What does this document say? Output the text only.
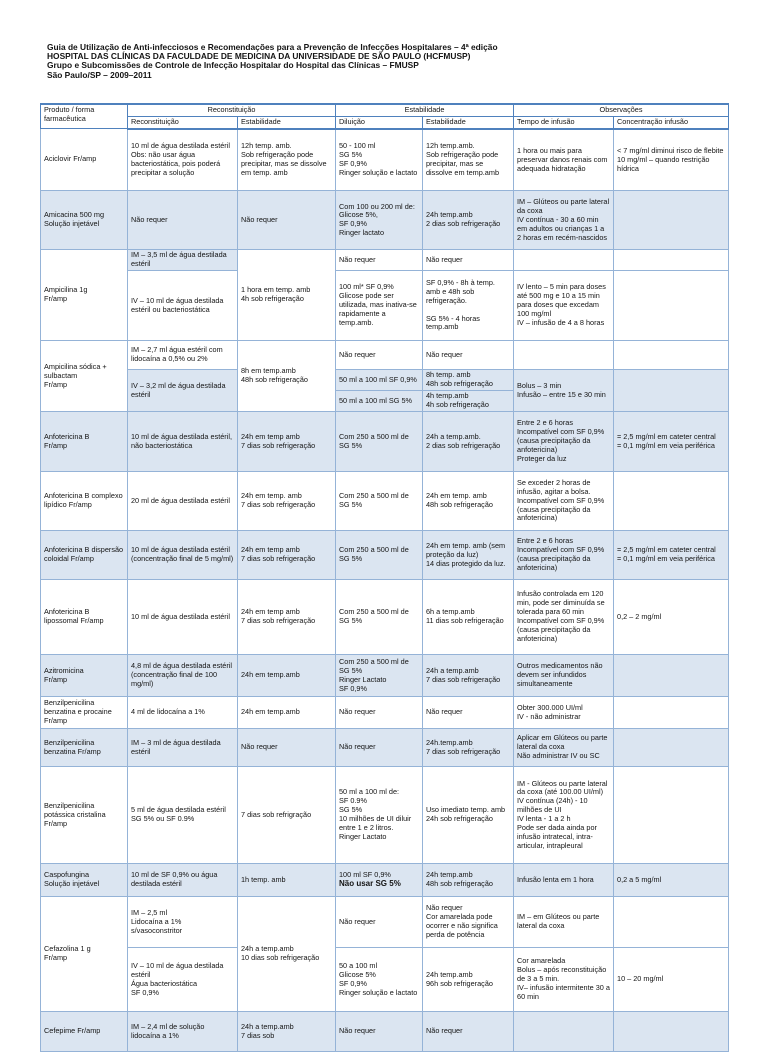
Guia de Utilização de Anti-infecciosos e Recomendações para a Prevenção de Infecções Hospitalares – 4ª edição
HOSPITAL DAS CLÍNICAS DA FACULDADE DE MEDICINA DA UNIVERSIDADE DE SÃO PAULO (HCFMUSP)
Grupo e Subcomissões de Controle de Infecção Hospitalar do Hospital das Clínicas – FMUSP
São Paulo/SP – 2009–2011
Produto / forma
farmacêutica	Reconstituição		Estabilidade		Observações	
	Reconstituição	Estabilidade	Diluição	Estabilidade	Tempo de infusão	Concentração infusão
Aciclovir Fr/amp	10 ml de água destilada estéril
Obs: não usar água bacteriostática, pois poderá precipitar a solução	12h temp. amb.
Sob refrigeração pode precipitar, mas se dissolve em temp. amb	50 - 100 ml
SG 5%
SF 0,9%
Ringer solução e lactato	12h temp.amb.
Sob refrigeração pode precipitar, mas se dissolve em temp.amb	1 hora ou mais para preservar danos renais com adequada hidratação	< 7 mg/ml diminui risco de flebite
10 mg/ml – quando restrição hídrica
Amicacina 500 mg
Solução injetável	Não requer	Não requer	Com 100 ou 200 ml de:
Glicose 5%,
SF 0,9%
Ringer lactato	24h temp.amb
2 dias sob refrigeração	IM – Glúteos ou parte lateral da coxa
IV contínua - 30 a 60 min em adultos ou crianças 1 a 2 horas em recém-nascidos	
Ampicilina 1g
Fr/amp	IM – 3,5 ml de água destilada estéril	1 hora em temp. amb
4h sob refrigeração	Não requer	Não requer		
	IV – 10 ml de água destilada estéril ou bacteriostática		100 ml* SF 0,9%
Glicose pode ser utilizada, mas inativa-se rapidamente a temp.amb.	SF 0,9% - 8h à temp. amb e 48h sob refrigeração.

SG 5% - 4 horas temp.amb	IV lento – 5 min para doses até 500 mg e 10 a 15 min para doses que excedam 100 mg/ml
IV – infusão de 4 a 8 horas	
Ampicilina sódica + sulbactam
Fr/amp	IM – 2,7 ml água estéril com lidocaína a 0,5% ou 2%	8h em temp.amb
48h sob refrigeração	Não requer	Não requer		
	IV – 3,2 ml de água destilada estéril		50 ml a 100 ml SF 0,9%	8h temp. amb
48h sob refrigeração	Bolus – 3 min
Infusão – entre 15 e 30 min	
			50 ml a 100 ml SG 5%	4h temp.amb
4h sob refrigeração		
Anfotericina B
Fr/amp	10 ml de água destilada estéril, não bacteriostática	24h em temp amb
7 dias sob refrigeração	Com 250 a 500 ml de SG 5%	24h a temp.amb.
2 dias sob refrigeração	Entre 2 e 6 horas
Incompatível com SF 0,9% (causa precipitação da anfotericina)
Proteger da luz	= 2,5 mg/ml em cateter central
= 0,1 mg/ml em veia periférica
Anfotericina B complexo lipídico Fr/amp	20 ml de água destilada estéril	24h em temp. amb
7 dias sob refrigeração	Com 250 a 500 ml de SG 5%	24h em temp. amb
48h sob refrigeração	Se exceder 2 horas de infusão, agitar a bolsa.
Incompatível com SF 0,9% (causa precipitação da anfotericina)	
Anfotericina B dispersão coloidal Fr/amp	10 ml de água destilada estéril (concentração final de 5 mg/ml)	24h em temp amb
7 dias sob refrigeração	Com 250 a 500 ml de SG 5%	24h em temp. amb (sem proteção da luz)
14 dias protegido da luz.	Entre 2 e 6 horas
Incompatível com SF 0,9% (causa precipitação da anfotericina)	= 2,5 mg/ml em cateter central
= 0,1 mg/ml em veia periférica
Anfotericina B lipossomal Fr/amp	10 ml de água destilada estéril	24h em temp amb
7 dias sob refrigeração	Com 250 a 500 ml de SG 5%	6h a temp.amb
11 dias sob refrigeração	Infusão controlada em 120 min, pode ser diminuída se tolerada para 60 min
Incompatível com SF 0,9% (causa precipitação da anfotericina)	0,2 – 2 mg/ml
Azitromicina
Fr/amp	4,8 ml de água destilada estéril (concentração final de 100 mg/ml)	24h em temp.amb	Com 250 a 500 ml de SG 5%
Ringer Lactato
SF 0,9%	24h a temp.amb
7 dias sob refrigeração	Outros medicamentos não devem ser infundidos simultaneamente	
Benzilpenicilina benzatina e procaine Fr/amp	4 ml de lidocaína a 1%	24h em temp.amb	Não requer	Não requer	Obter 300.000 UI/ml
IV - não administrar	
Benzilpenicilina benzatina Fr/amp	IM – 3 ml de água destilada estéril	Não requer	Não requer	24h.temp.amb
7 dias sob refrigeração	Aplicar em Glúteos ou parte lateral da coxa
Não administrar IV ou SC	
Benzilpenicilina potássica cristalina Fr/amp	5 ml de água destilada estéril
SG 5% ou SF 0.9%	7 dias sob refrigração	50 ml a 100 ml de:
SF 0.9%
SG 5%
10 milhões de UI diluir entre 1 e 2 litros.
Ringer Lactato	Uso imediato temp. amb
24h sob refrigeração	IM - Glúteos ou parte lateral da coxa (até 100.00 UI/ml)
IV contínua (24h) - 10 milhões de UI
IV lenta - 1 a 2 h
Pode ser dada ainda por infusão intratecal, intra-articular, intrapleural	
Caspofungina
Solução injetável	10 ml de SF 0,9% ou água destilada estéril	1h temp. amb	100 ml SF 0,9%
Não usar SG 5%	24h temp.amb
48h sob refrigeração	Infusão lenta em 1 hora	0,2 a 5 mg/ml
Cefazolina 1 g
Fr/amp	IM – 2,5 ml
Lidocaína a 1% s/vasoconstritor	24h a temp.amb
10 dias sob refrigeração	Não requer	Não requer
Cor amarelada pode ocorrer e não significa perda de potência	IM – em Glúteos ou parte lateral da coxa	
	IV – 10 ml de água destilada estéril
Água bacteriostática
SF 0,9%		50 a 100 ml
Glicose 5%
SF 0,9%
Ringer solução e lactato	24h temp.amb
96h sob refrigeração	Cor amarelada
Bolus – após reconstituição de 3 a 5 min.
IV– infusão intermitente 30 a 60 min	10 – 20 mg/ml
Cefepime Fr/amp	IM – 2,4 ml de solução lidocaína a 1%	24h a temp.amb
7 dias sob	Não requer	Não requer		
